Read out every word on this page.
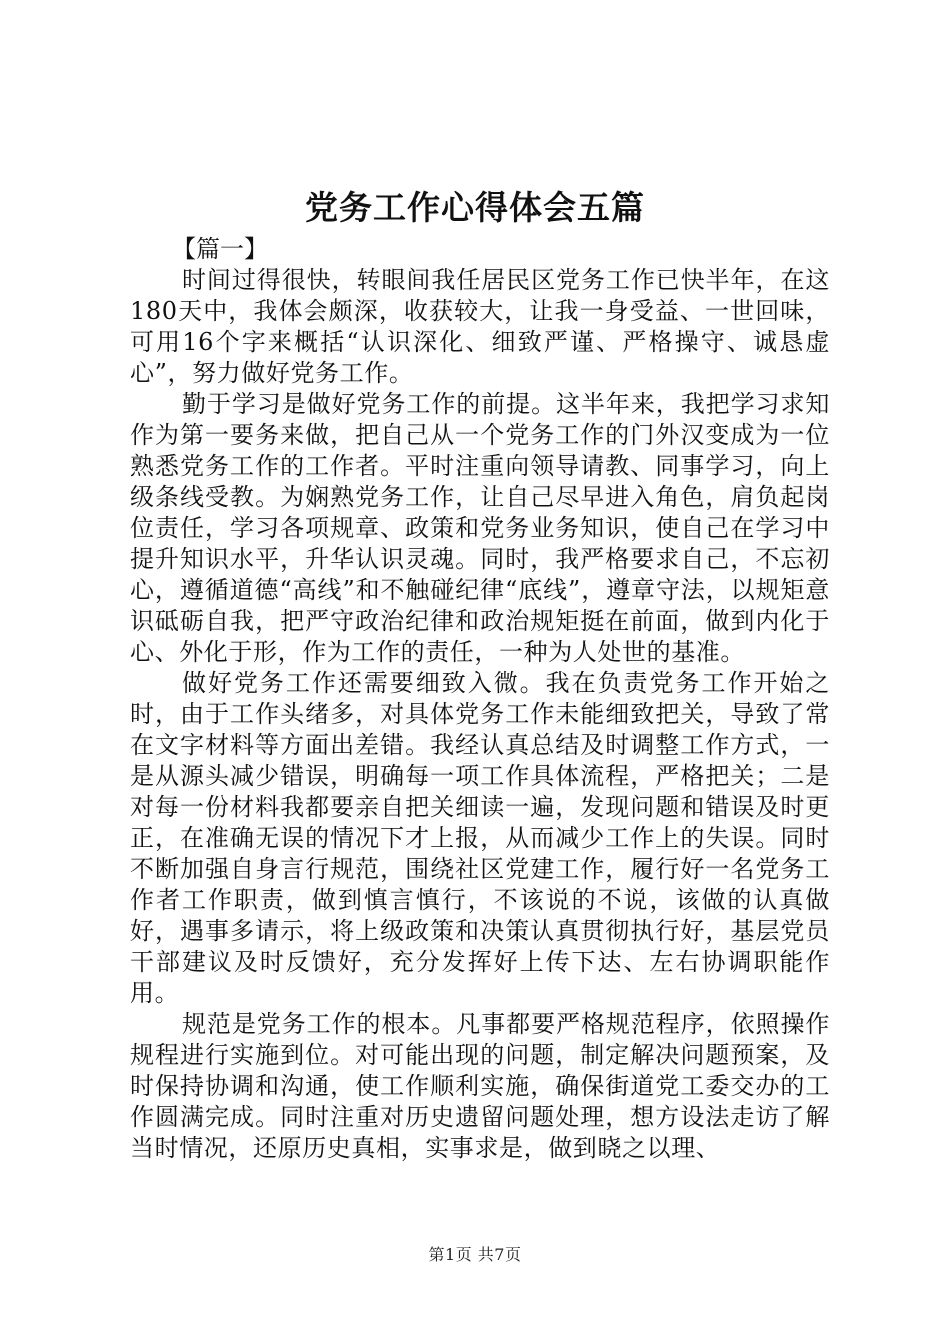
党务工作心得体会五篇

【篇一】

时间过得很快，转眼间我任居民区党务工作已快半年，在这180天中，我体会颇深，收获较大，让我一身受益、一世回味，可用16个字来概括“认识深化、细致严谨、严格操守、诚恳虚心”，努力做好党务工作。

勤于学习是做好党务工作的前提。这半年来，我把学习求知作为第一要务来做，把自己从一个党务工作的门外汉变成为一位熟悉党务工作的工作者。平时注重向领导请教、同事学习，向上级条线受教。为娴熟党务工作，让自己尽早进入角色，肩负起岗位责任，学习各项规章、政策和党务业务知识，使自己在学习中提升知识水平，升华认识灵魂。同时，我严格要求自己，不忘初心，遵循道德“高线”和不触碰纪律“底线”，遵章守法，以规矩意识砥砺自我，把严守政治纪律和政治规矩挺在前面，做到内化于心、外化于形，作为工作的责任，一种为人处世的基准。

做好党务工作还需要细致入微。我在负责党务工作开始之时，由于工作头绪多，对具体党务工作未能细致把关，导致了常在文字材料等方面出差错。我经认真总结及时调整工作方式，一是从源头减少错误，明确每一项工作具体流程，严格把关；二是对每一份材料我都要亲自把关细读一遍，发现问题和错误及时更正，在准确无误的情况下才上报，从而减少工作上的失误。同时不断加强自身言行规范，围绕社区党建工作，履行好一名党务工作者工作职责，做到慎言慎行，不该说的不说，该做的认真做好，遇事多请示，将上级政策和决策认真贯彻执行好，基层党员干部建议及时反馈好，充分发挥好上传下达、左右协调职能作用。

规范是党务工作的根本。凡事都要严格规范程序，依照操作规程进行实施到位。对可能出现的问题，制定解决问题预案，及时保持协调和沟通，使工作顺利实施，确保街道党工委交办的工作圆满完成。同时注重对历史遗留问题处理，想方设法走访了解当时情况，还原历史真相，实事求是，做到晓之以理、

第1页 共7页
